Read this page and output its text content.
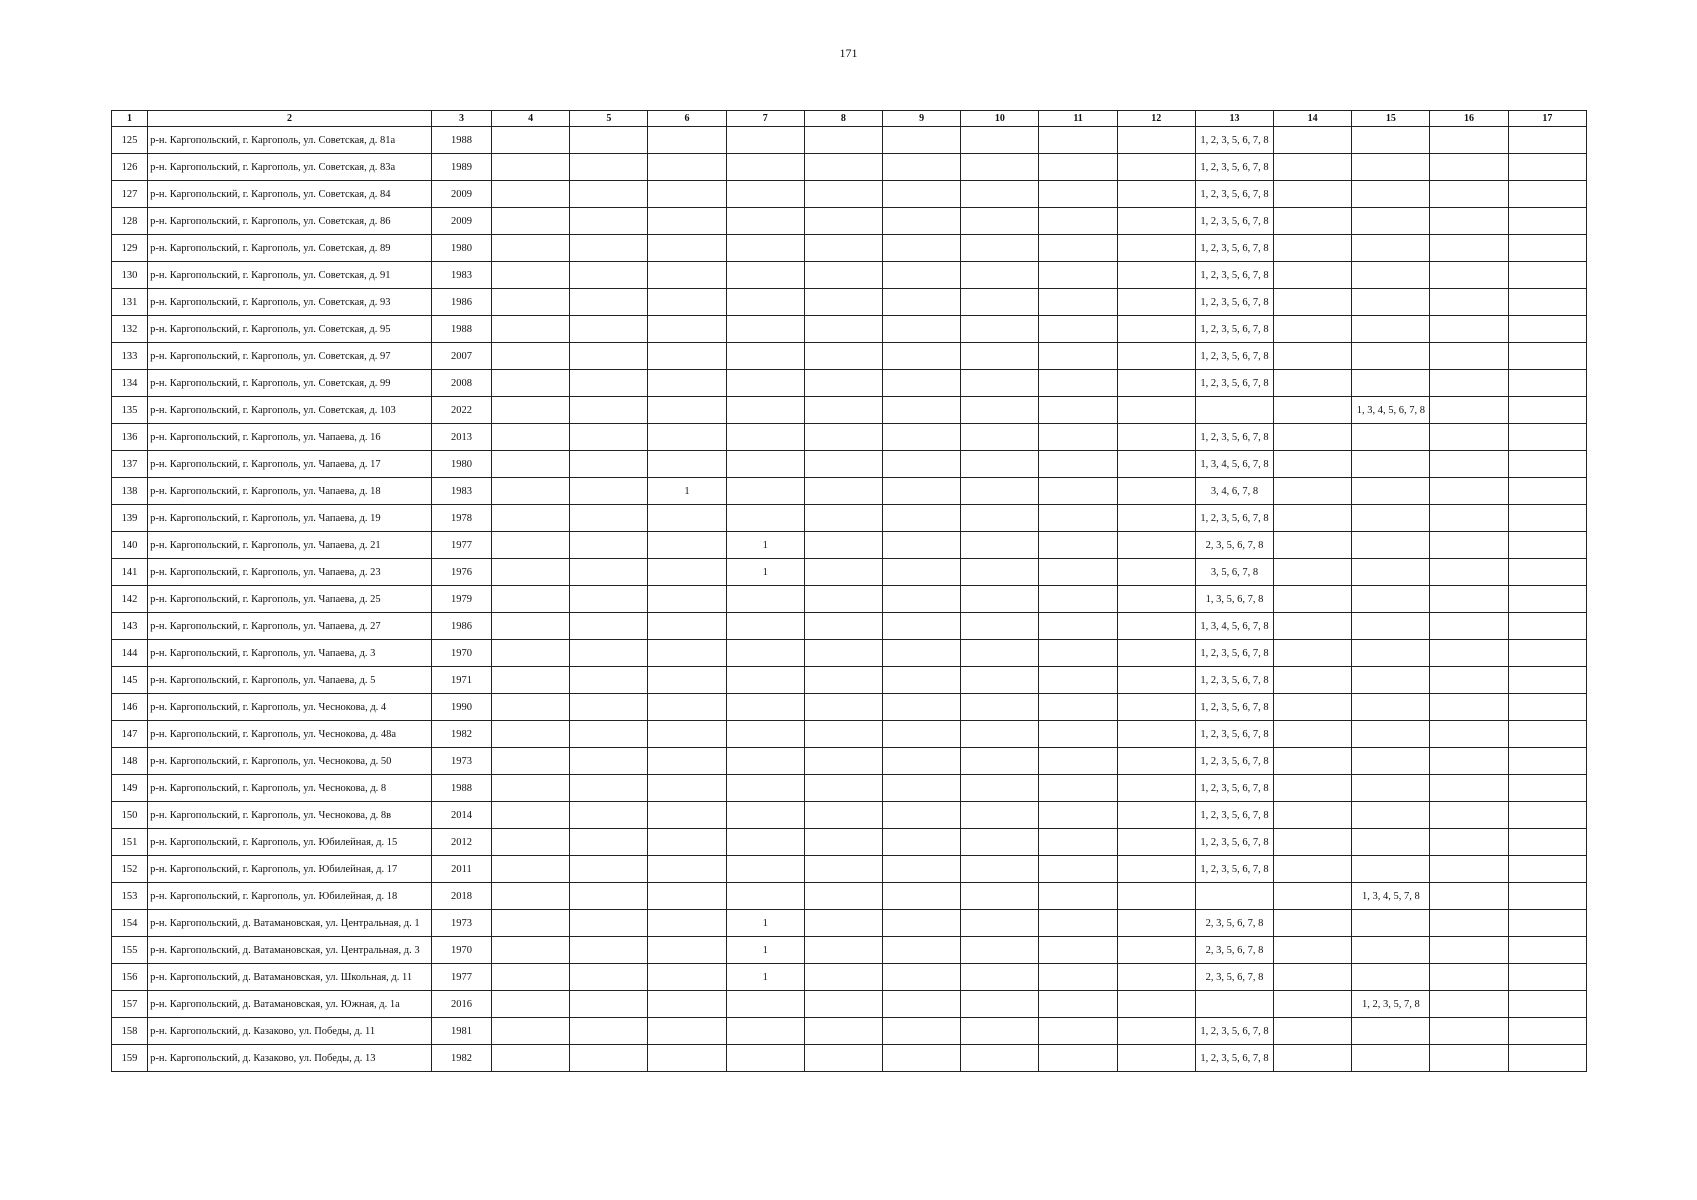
171
1	2	3	4	5	6	7	8	9	10	11	12	13	14	15	16	17
125	р-н. Каргопольский, г. Каргополь, ул. Советская, д. 81а	1988										1, 2, 3, 5, 6, 7, 8				
126	р-н. Каргопольский, г. Каргополь, ул. Советская, д. 83а	1989										1, 2, 3, 5, 6, 7, 8				
127	р-н. Каргопольский, г. Каргополь, ул. Советская, д. 84	2009										1, 2, 3, 5, 6, 7, 8				
128	р-н. Каргопольский, г. Каргополь, ул. Советская, д. 86	2009										1, 2, 3, 5, 6, 7, 8				
129	р-н. Каргопольский, г. Каргополь, ул. Советская, д. 89	1980										1, 2, 3, 5, 6, 7, 8				
130	р-н. Каргопольский, г. Каргополь, ул. Советская, д. 91	1983										1, 2, 3, 5, 6, 7, 8				
131	р-н. Каргопольский, г. Каргополь, ул. Советская, д. 93	1986										1, 2, 3, 5, 6, 7, 8				
132	р-н. Каргопольский, г. Каргополь, ул. Советская, д. 95	1988										1, 2, 3, 5, 6, 7, 8				
133	р-н. Каргопольский, г. Каргополь, ул. Советская, д. 97	2007										1, 2, 3, 5, 6, 7, 8				
134	р-н. Каргопольский, г. Каргополь, ул. Советская, д. 99	2008										1, 2, 3, 5, 6, 7, 8				
135	р-н. Каргопольский, г. Каргополь, ул. Советская, д. 103	2022												1, 3, 4, 5, 6, 7, 8		
136	р-н. Каргопольский, г. Каргополь, ул. Чапаева, д. 16	2013										1, 2, 3, 5, 6, 7, 8				
137	р-н. Каргопольский, г. Каргополь, ул. Чапаева, д. 17	1980										1, 3, 4, 5, 6, 7, 8				
138	р-н. Каргопольский, г. Каргополь, ул. Чапаева, д. 18	1983			1							3, 4, 6, 7, 8				
139	р-н. Каргопольский, г. Каргополь, ул. Чапаева, д. 19	1978										1, 2, 3, 5, 6, 7, 8				
140	р-н. Каргопольский, г. Каргополь, ул. Чапаева, д. 21	1977				1						2, 3, 5, 6, 7, 8				
141	р-н. Каргопольский, г. Каргополь, ул. Чапаева, д. 23	1976				1						3, 5, 6, 7, 8				
142	р-н. Каргопольский, г. Каргополь, ул. Чапаева, д. 25	1979										1, 3, 5, 6, 7, 8				
143	р-н. Каргопольский, г. Каргополь, ул. Чапаева, д. 27	1986										1, 3, 4, 5, 6, 7, 8				
144	р-н. Каргопольский, г. Каргополь, ул. Чапаева, д. 3	1970										1, 2, 3, 5, 6, 7, 8				
145	р-н. Каргопольский, г. Каргополь, ул. Чапаева, д. 5	1971										1, 2, 3, 5, 6, 7, 8				
146	р-н. Каргопольский, г. Каргополь, ул. Чеснокова, д. 4	1990										1, 2, 3, 5, 6, 7, 8				
147	р-н. Каргопольский, г. Каргополь, ул. Чеснокова, д. 48а	1982										1, 2, 3, 5, 6, 7, 8				
148	р-н. Каргопольский, г. Каргополь, ул. Чеснокова, д. 50	1973										1, 2, 3, 5, 6, 7, 8				
149	р-н. Каргопольский, г. Каргополь, ул. Чеснокова, д. 8	1988										1, 2, 3, 5, 6, 7, 8				
150	р-н. Каргопольский, г. Каргополь, ул. Чеснокова, д. 8в	2014										1, 2, 3, 5, 6, 7, 8				
151	р-н. Каргопольский, г. Каргополь, ул. Юбилейная, д. 15	2012										1, 2, 3, 5, 6, 7, 8				
152	р-н. Каргопольский, г. Каргополь, ул. Юбилейная, д. 17	2011										1, 2, 3, 5, 6, 7, 8				
153	р-н. Каргопольский, г. Каргополь, ул. Юбилейная, д. 18	2018												1, 3, 4, 5, 7, 8		
154	р-н. Каргопольский, д. Ватамановская, ул. Центральная, д. 1	1973				1						2, 3, 5, 6, 7, 8				
155	р-н. Каргопольский, д. Ватамановская, ул. Центральная, д. 3	1970				1						2, 3, 5, 6, 7, 8				
156	р-н. Каргопольский, д. Ватамановская, ул. Школьная, д. 11	1977				1						2, 3, 5, 6, 7, 8				
157	р-н. Каргопольский, д. Ватамановская, ул. Южная, д. 1а	2016												1, 2, 3, 5, 7, 8		
158	р-н. Каргопольский, д. Казаково, ул. Победы, д. 11	1981										1, 2, 3, 5, 6, 7, 8				
159	р-н. Каргопольский, д. Казаково, ул. Победы, д. 13	1982										1, 2, 3, 5, 6, 7, 8				
